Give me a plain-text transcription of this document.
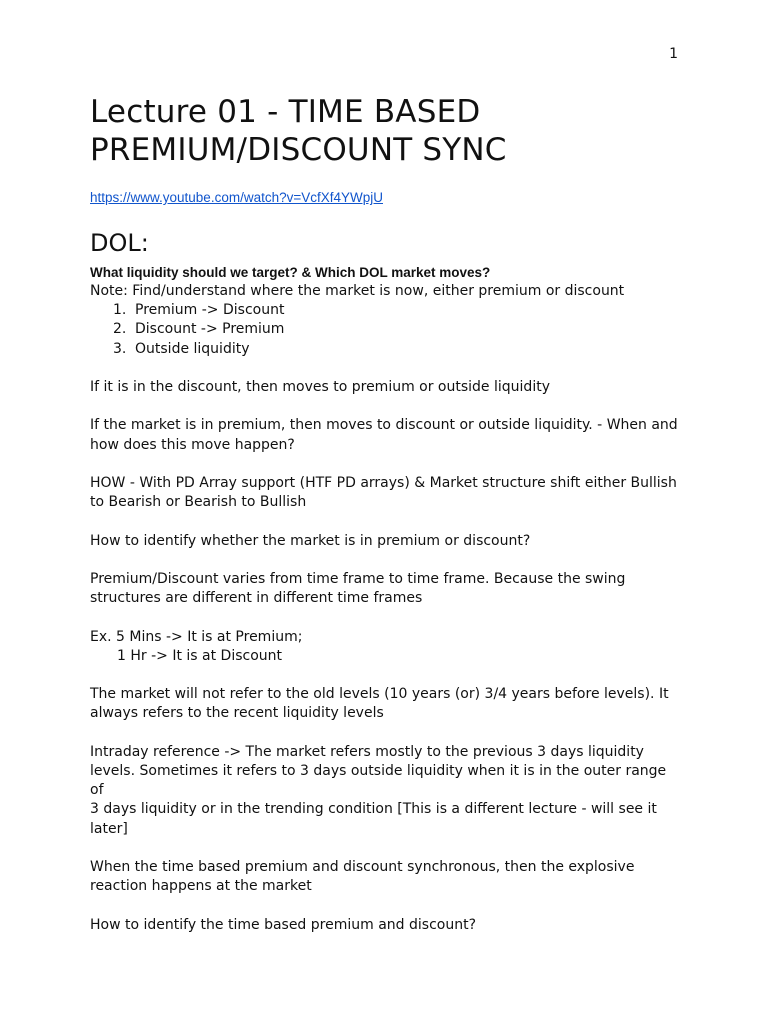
1
Lecture 01 - TIME BASED
PREMIUM/DISCOUNT SYNC
https://www.youtube.com/watch?v=VcfXf4YWpjU
DOL:
What liquidity should we target? & Which DOL market moves?

Note: Find/understand where the market is now, either premium or discount

1. Premium -> Discount
2. Discount -> Premium
3. Outside liquidity

If it is in the discount, then moves to premium or outside liquidity

If the market is in premium, then moves to discount or outside liquidity. - When and

how does this move happen?

HOW - With PD Array support (HTF PD arrays) & Market structure shift either Bullish

to Bearish or Bearish to Bullish

How to identify whether the market is in premium or discount?

Premium/Discount varies from time frame to time frame. Because the swing

structures are different in different time frames

Ex. 5 Mins -> It is at Premium;

1 Hr -> It is at Discount

The market will not refer to the old levels (10 years (or) 3/4 years before levels). It

always refers to the recent liquidity levels

Intraday reference -> The market refers mostly to the previous 3 days liquidity

levels. Sometimes it refers to 3 days outside liquidity when it is in the outer range of

3 days liquidity or in the trending condition [This is a different lecture - will see it

later]

When the time based premium and discount synchronous, then the explosive

reaction happens at the market

How to identify the time based premium and discount?
